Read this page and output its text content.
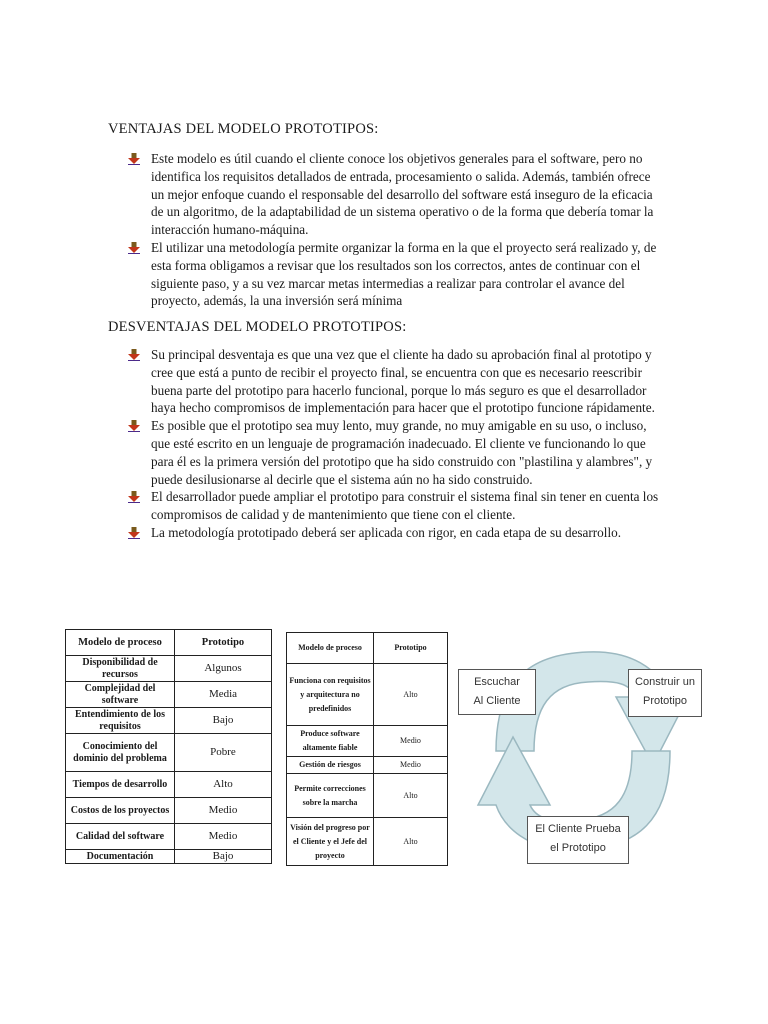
VENTAJAS DEL MODELO PROTOTIPOS:
Este modelo es útil cuando el cliente conoce los objetivos generales para el software, pero no identifica los requisitos detallados de entrada, procesamiento o salida. Además, también ofrece un mejor enfoque cuando el responsable del desarrollo del software está inseguro de la eficacia de un algoritmo, de la adaptabilidad de un sistema operativo o de la forma que debería tomar la interacción humano-máquina.
El utilizar una metodología permite organizar la forma en la que el proyecto será realizado y, de esta forma obligamos a revisar que los resultados son los correctos, antes de continuar con el siguiente paso, y a su vez marcar metas intermedias a realizar para controlar el avance del proyecto, además, la una inversión será mínima
DESVENTAJAS DEL MODELO PROTOTIPOS:
Su principal desventaja es que una vez que el cliente ha dado su aprobación final al prototipo y cree que está a punto de recibir el proyecto final, se encuentra con que es necesario reescribir buena parte del prototipo para hacerlo funcional, porque lo más seguro es que el desarrollador haya hecho compromisos de implementación para hacer que el prototipo funcione rápidamente.
Es posible que el prototipo sea muy lento, muy grande, no muy amigable en su uso, o incluso, que esté escrito en un lenguaje de programación inadecuado. El cliente ve funcionando lo que para él es la primera versión del prototipo que ha sido construido con "plastilina y alambres", y puede desilusionarse al decirle que el sistema aún no ha sido construido.
El desarrollador puede ampliar el prototipo para construir el sistema final sin tener en cuenta los compromisos de calidad y de mantenimiento que tiene con el cliente.
La metodología prototipado deberá ser aplicada con rigor, en cada etapa de su desarrollo.
Modelo de proceso	Prototipo
Disponibilidad de recursos	Algunos
Complejidad del software	Media
Entendimiento de los requisitos	Bajo
Conocimiento del dominio del problema	Pobre
Tiempos de desarrollo	Alto
Costos de los proyectos	Medio
Calidad del software	Medio
Documentación	Bajo
Modelo de proceso	Prototipo
Funciona con requisitos y arquitectura no predefinidos	Alto
Produce software altamente fiable	Medio
Gestión de riesgos	Medio
Permite correcciones sobre la marcha	Alto
Visión del progreso por el Cliente y el Jefe del proyecto	Alto
Escuchar
Al Cliente
Construir un
Prototipo
El Cliente Prueba
el Prototipo
